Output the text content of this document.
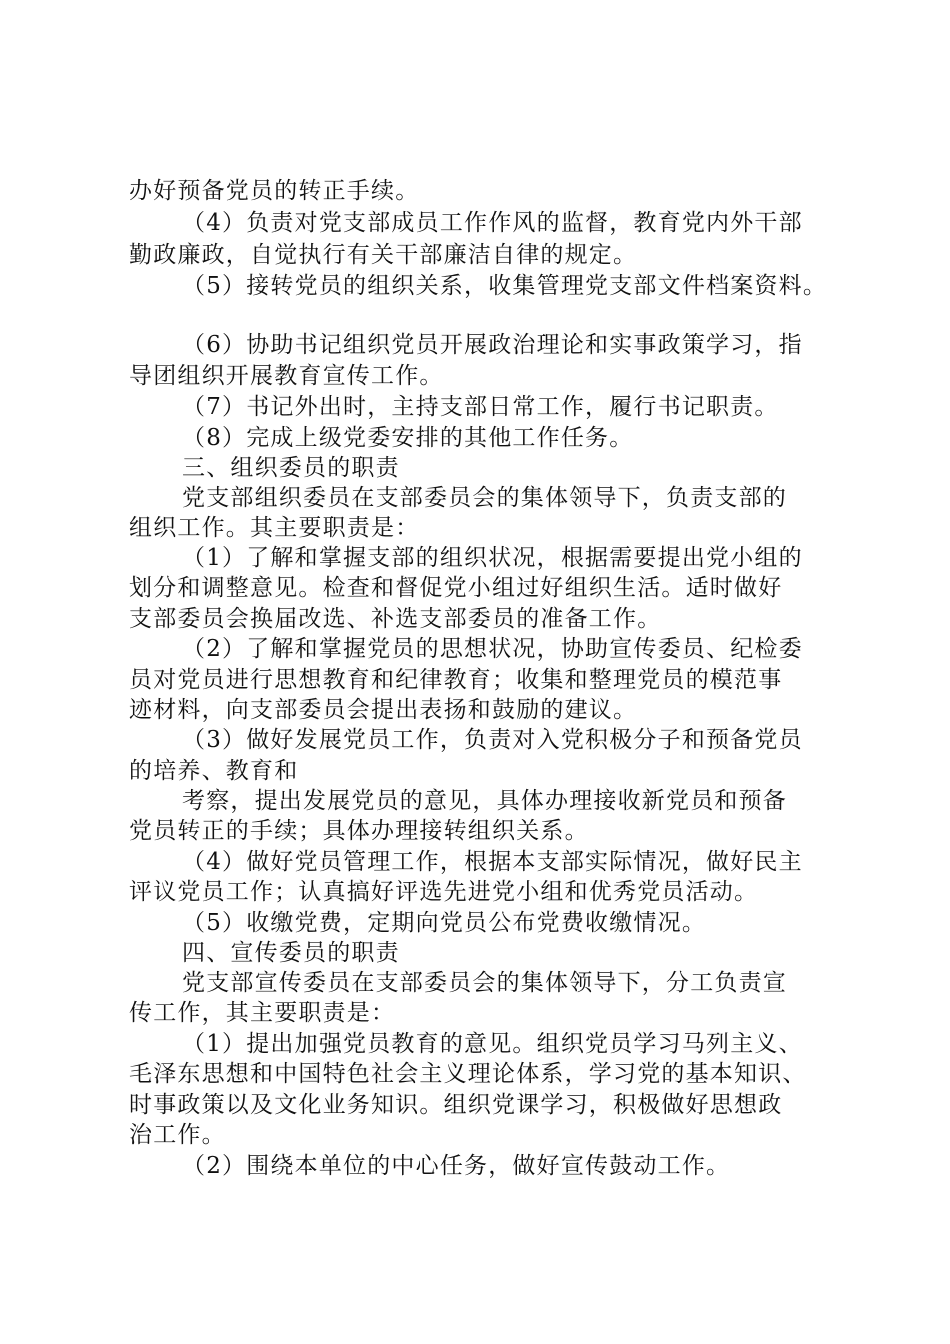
办好预备党员的转正手续。
（4）负责对党支部成员工作作风的监督，教育党内外干部
勤政廉政，自觉执行有关干部廉洁自律的规定。
（5）接转党员的组织关系，收集管理党支部文件档案资料。
（6）协助书记组织党员开展政治理论和实事政策学习，指
导团组织开展教育宣传工作。
（7）书记外出时，主持支部日常工作，履行书记职责。
（8）完成上级党委安排的其他工作任务。
三、组织委员的职责
党支部组织委员在支部委员会的集体领导下，负责支部的
组织工作。其主要职责是：
（1）了解和掌握支部的组织状况，根据需要提出党小组的
划分和调整意见。检查和督促党小组过好组织生活。适时做好
支部委员会换届改选、补选支部委员的准备工作。
（2）了解和掌握党员的思想状况，协助宣传委员、纪检委
员对党员进行思想教育和纪律教育；收集和整理党员的模范事
迹材料，向支部委员会提出表扬和鼓励的建议。
（3）做好发展党员工作，负责对入党积极分子和预备党员
的培养、教育和
考察，提出发展党员的意见，具体办理接收新党员和预备
党员转正的手续；具体办理接转组织关系。
（4）做好党员管理工作，根据本支部实际情况，做好民主
评议党员工作；认真搞好评选先进党小组和优秀党员活动。
（5）收缴党费，定期向党员公布党费收缴情况。
四、宣传委员的职责
党支部宣传委员在支部委员会的集体领导下，分工负责宣
传工作，其主要职责是：
（1）提出加强党员教育的意见。组织党员学习马列主义、
毛泽东思想和中国特色社会主义理论体系，学习党的基本知识、
时事政策以及文化业务知识。组织党课学习，积极做好思想政
治工作。
（2）围绕本单位的中心任务，做好宣传鼓动工作。
